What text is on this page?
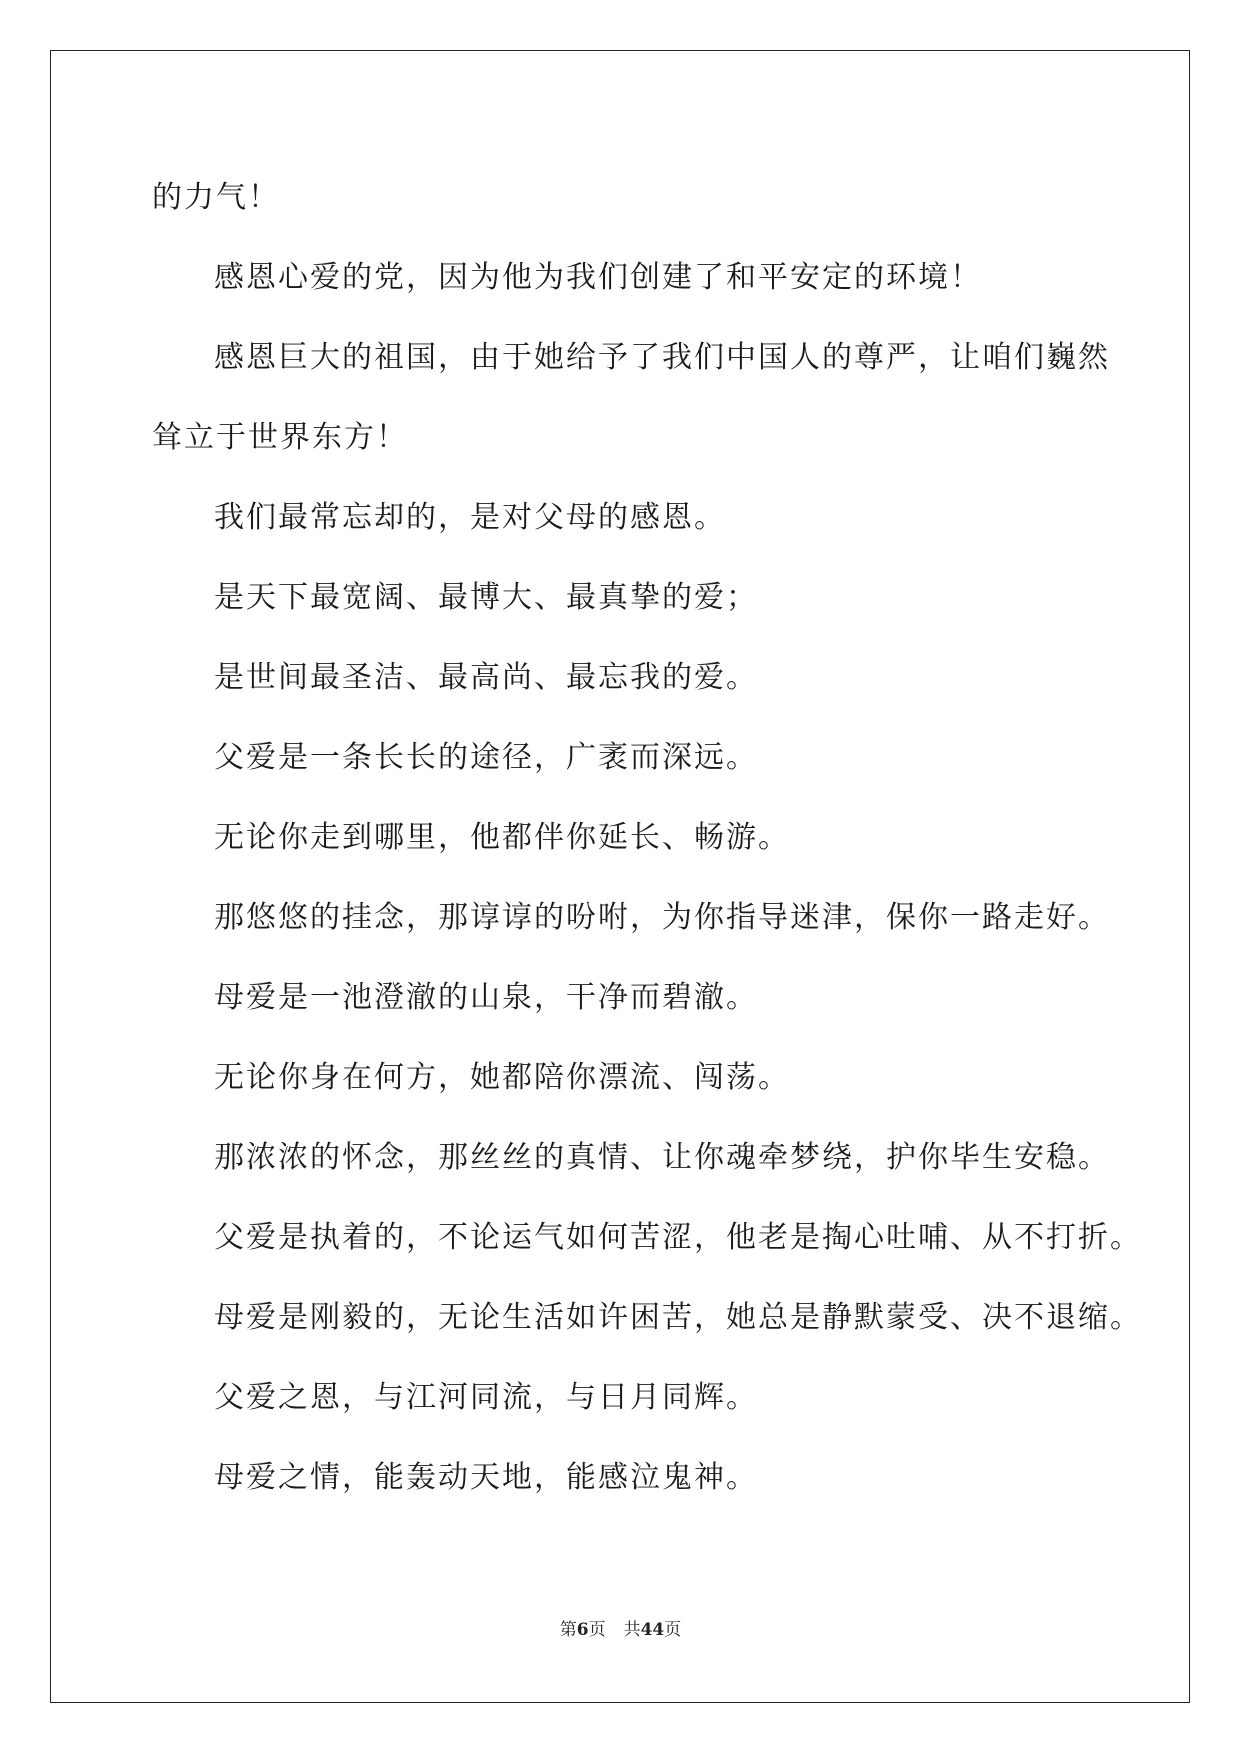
的力气！

感恩心爱的党，因为他为我们创建了和平安定的环境！

感恩巨大的祖国，由于她给予了我们中国人的尊严，让咱们巍然

耸立于世界东方！

我们最常忘却的，是对父母的感恩。

是天下最宽阔、最博大、最真挚的爱；

是世间最圣洁、最高尚、最忘我的爱。

父爱是一条长长的途径，广袤而深远。

无论你走到哪里，他都伴你延长、畅游。

那悠悠的挂念，那谆谆的吩咐，为你指导迷津，保你一路走好。

母爱是一池澄澈的山泉，干净而碧澈。

无论你身在何方，她都陪你漂流、闯荡。

那浓浓的怀念，那丝丝的真情、让你魂牵梦绕，护你毕生安稳。

父爱是执着的，不论运气如何苦涩，他老是掏心吐哺、从不打折。

母爱是刚毅的，无论生活如许困苦，她总是静默蒙受、决不退缩。

父爱之恩，与江河同流，与日月同辉。

母爱之情，能轰动天地，能感泣鬼神。

第6页 共44页
